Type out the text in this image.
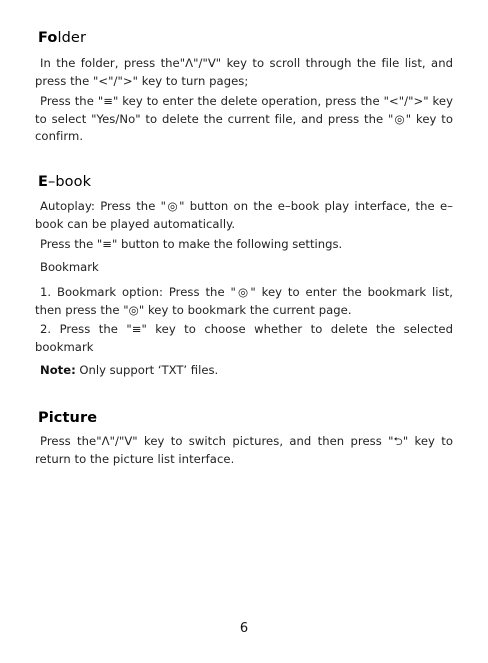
Folder

In the folder, press the"Λ"/"V" key to scroll through the file list, and press the "<"/">" key to turn pages;

Press the "≡" key to enter the delete operation, press the "<"/">" key to select "Yes/No" to delete the current file, and press the "◎" key to confirm.

E–book

Autoplay: Press the "◎" button on the e–book play interface, the e–book can be played automatically.

Press the "≡" button to make the following settings.
Bookmark

1. Bookmark option: Press the "◎" key to enter the bookmark list, then press the "◎" key to bookmark the current page.

2. Press the "≡" key to choose whether to delete the selected bookmark

Note: Only support ‘TXT’ files.
Picture

Press the"Λ"/"V" key to switch pictures, and then press "⮌" key to return to the picture list interface.

6
